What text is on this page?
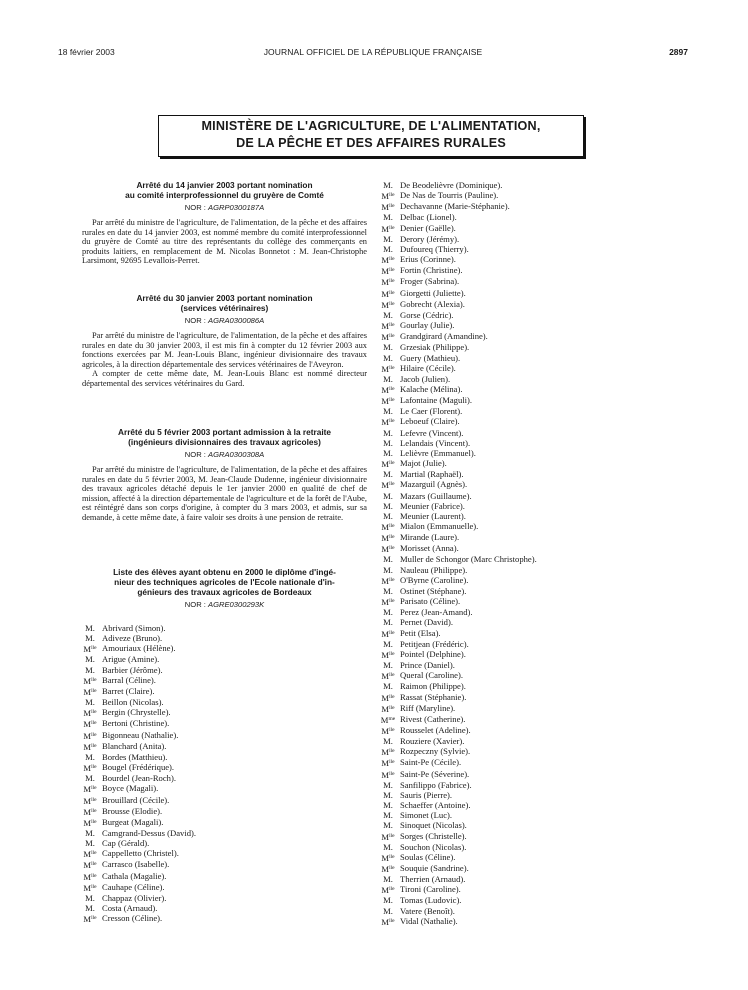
18 février 2003	JOURNAL OFFICIEL DE LA RÉPUBLIQUE FRANÇAISE	2897
MINISTÈRE DE L'AGRICULTURE, DE L'ALIMENTATION,
DE LA PÊCHE ET DES AFFAIRES RURALES
Arrêté du 14 janvier 2003 portant nomination
au comité interprofessionnel du gruyère de Comté
NOR : AGRP0300187A

Par arrêté du ministre de l'agriculture, de l'alimentation, de la pêche et des affaires rurales en date du 14 janvier 2003, est nommé membre du comité interprofessionnel du gruyère de Comté au titre des représentants du collège des commerçants en produits laitiers, en remplacement de M. Nicolas Bonnetot : M. Jean-Christophe Larsimont, 92695 Levallois-Perret.

Arrêté du 30 janvier 2003 portant nomination
(services vétérinaires)
NOR : AGRA0300086A

Par arrêté du ministre de l'agriculture, de l'alimentation, de la pêche et des affaires rurales en date du 30 janvier 2003, il est mis fin à compter du 12 février 2003 aux fonctions exercées par M. Jean-Louis Blanc, ingénieur divisionnaire des travaux agricoles, à la direction départementale des services vétérinaires de l'Aveyron.

A compter de cette même date, M. Jean-Louis Blanc est nommé directeur départemental des services vétérinaires du Gard.

Arrêté du 5 février 2003 portant admission à la retraite
(ingénieurs divisionnaires des travaux agricoles)
NOR : AGRA0300308A

Par arrêté du ministre de l'agriculture, de l'alimentation, de la pêche et des affaires rurales en date du 5 février 2003, M. Jean-Claude Dudenne, ingénieur divisionnaire des travaux agricoles détaché depuis le 1er janvier 2000 en qualité de chef de mission, affecté à la direction départementale de l'agriculture et de la forêt de l'Aube, est réintégré dans son corps d'origine, à compter du 3 mars 2003, et admis, sur sa demande, à cette même date, à faire valoir ses droits à une pension de retraite.

Liste des élèves ayant obtenu en 2000 le diplôme d'ingé-
nieur des techniques agricoles de l'Ecole nationale d'in-
génieurs des travaux agricoles de Bordeaux
NOR : AGRE0300293K
M. Abrivard (Simon).
M. Adiveze (Bruno).
$M^{lle}$ Amouriaux (Hélène).
M. Arigue (Amine).
M. Barbier (Jérôme).
$M^{lle}$ Barral (Céline).
$M^{lle}$ Barret (Claire).
M. Beillon (Nicolas).
$M^{lle}$ Bergin (Chrystelle).
$M^{lle}$ Bertoni (Christine).
$M^{lle}$ Bigonneau (Nathalie).
$M^{lle}$ Blanchard (Anita).
M. Bordes (Matthieu).
$M^{lle}$ Bougel (Frédérique).
M. Bourdel (Jean-Roch).
$M^{lle}$ Boyce (Magali).
$M^{lle}$ Brouillard (Cécile).
$M^{lle}$ Brousse (Elodie).
$M^{lle}$ Burgeat (Magali).
M. Camgrand-Dessus (David).
M. Cap (Gérald).
$M^{lle}$ Cappelletto (Christel).
$M^{lle}$ Carrasco (Isabelle).
$M^{lle}$ Cathala (Magalie).
$M^{lle}$ Cauhape (Céline).
M. Chappaz (Olivier).
M. Costa (Arnaud).
$M^{lle}$ Cresson (Céline).
M. De Beodelièvre (Dominique).
$M^{lle}$ De Nas de Tourris (Pauline).
$M^{lle}$ Dechavanne (Marie-Stéphanie).
M. Delbac (Lionel).
$M^{lle}$ Denier (Gaëlle).
M. Derory (Jérémy).
M. Dufoureq (Thierry).
$M^{lle}$ Erius (Corinne).
$M^{lle}$ Fortin (Christine).
$M^{lle}$ Froger (Sabrina).
$M^{lle}$ Giorgetti (Juliette).
$M^{lle}$ Gobrecht (Alexia).
M. Gorse (Cédric).
$M^{lle}$ Gourlay (Julie).
$M^{lle}$ Grandgirard (Amandine).
M. Grzesiak (Philippe).
M. Guery (Mathieu).
$M^{lle}$ Hilaire (Cécile).
M. Jacob (Julien).
$M^{lle}$ Kalache (Mélina).
$M^{lle}$ Lafontaine (Maguli).
M. Le Caer (Florent).
$M^{lle}$ Leboeuf (Claire).
M. Lefevre (Vincent).
M. Lelandais (Vincent).
M. Lelièvre (Emmanuel).
$M^{lle}$ Majot (Julie).
M. Martial (Raphaël).
$M^{lle}$ Mazarguil (Agnès).
M. Mazars (Guillaume).
M. Meunier (Fabrice).
M. Meunier (Laurent).
$M^{lle}$ Mialon (Emmanuelle).
$M^{lle}$ Mirande (Laure).
$M^{lle}$ Morisset (Anna).
M. Muller de Schongor (Marc Christophe).
M. Nauleau (Philippe).
$M^{lle}$ O'Byrne (Caroline).
M. Ostinet (Stéphane).
$M^{lle}$ Parisato (Céline).
M. Perez (Jean-Amand).
M. Pernet (David).
$M^{lle}$ Petit (Elsa).
M. Petitjean (Frédéric).
$M^{lle}$ Pointel (Delphine).
M. Prince (Daniel).
$M^{lle}$ Queral (Caroline).
M. Raimon (Philippe).
$M^{lle}$ Rassat (Stéphanie).
$M^{lle}$ Riff (Maryline).
$M^{me}$ Rivest (Catherine).
$M^{lle}$ Rousselet (Adeline).
M. Rouziere (Xavier).
$M^{lle}$ Rozpeczny (Sylvie).
$M^{lle}$ Saint-Pe (Cécile).
$M^{lle}$ Saint-Pe (Séverine).
M. Sanfilippo (Fabrice).
M. Sauris (Pierre).
M. Schaeffer (Antoine).
M. Simonet (Luc).
M. Sinoquet (Nicolas).
$M^{lle}$ Sorges (Christelle).
M. Souchon (Nicolas).
$M^{lle}$ Soulas (Céline).
$M^{lle}$ Souquie (Sandrine).
M. Therrien (Arnaud).
$M^{lle}$ Tironi (Caroline).
M. Tomas (Ludovic).
M. Vatere (Benoît).
$M^{lle}$ Vidal (Nathalie).
